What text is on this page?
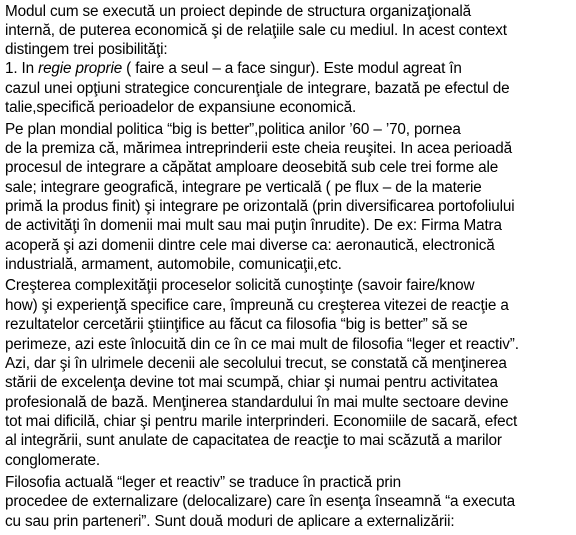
Modul cum se execută un proiect depinde de structura organizaţională
internă, de puterea economică şi de relaţiile sale cu mediul. In acest context
distingem trei posibilităţi:
1. In regie proprie ( faire a seul – a face singur). Este modul agreat în
cazul unei opţiuni strategice concurenţiale de integrare, bazată pe efectul de
talie,specifică perioadelor de expansiune economică.
Pe plan mondial politica “big is better”,politica anilor ’60 – ’70, pornea
de la premiza că, mărimea intreprinderii este cheia reuşitei. In acea perioadă
procesul de integrare a căpătat amploare deosebită sub cele trei forme ale
sale; integrare geografică, integrare pe verticală ( pe flux – de la materie
primă la produs finit) şi integrare pe orizontală (prin diversificarea portofoliului
de activităţi în domenii mai mult sau mai puţin înrudite). De ex: Firma Matra
acoperă şi azi domenii dintre cele mai diverse ca: aeronautică, electronică
industrială, armament, automobile, comunicaţii,etc.
Creşterea complexităţii proceselor solicită cunoştinţe (savoir faire/know
how) şi experienţă specifice care, împreună cu creşterea vitezei de reacţie a
rezultatelor cercetării ştiinţifice au făcut ca filosofia “big is better” să se
perimeze, azi este înlocuită din ce în ce mai mult de filosofia “leger et reactiv”.
Azi, dar şi în ulrimele decenii ale secolului trecut, se constată că menţinerea
stării de excelenţa devine tot mai scumpă, chiar şi numai pentru activitatea
profesională de bază. Menţinerea standardului în mai multe sectoare devine
tot mai dificilă, chiar şi pentru marile interprinderi. Economiile de sacară, efect
al integrării, sunt anulate de capacitatea de reacţie to mai scăzută a marilor
conglomerate.
Filosofia actuală “leger et reactiv” se traduce în practică prin
procedee de externalizare (delocalizare) care în esenţa înseamnă “a executa
cu sau prin parteneri”. Sunt două moduri de aplicare a externalizării:
